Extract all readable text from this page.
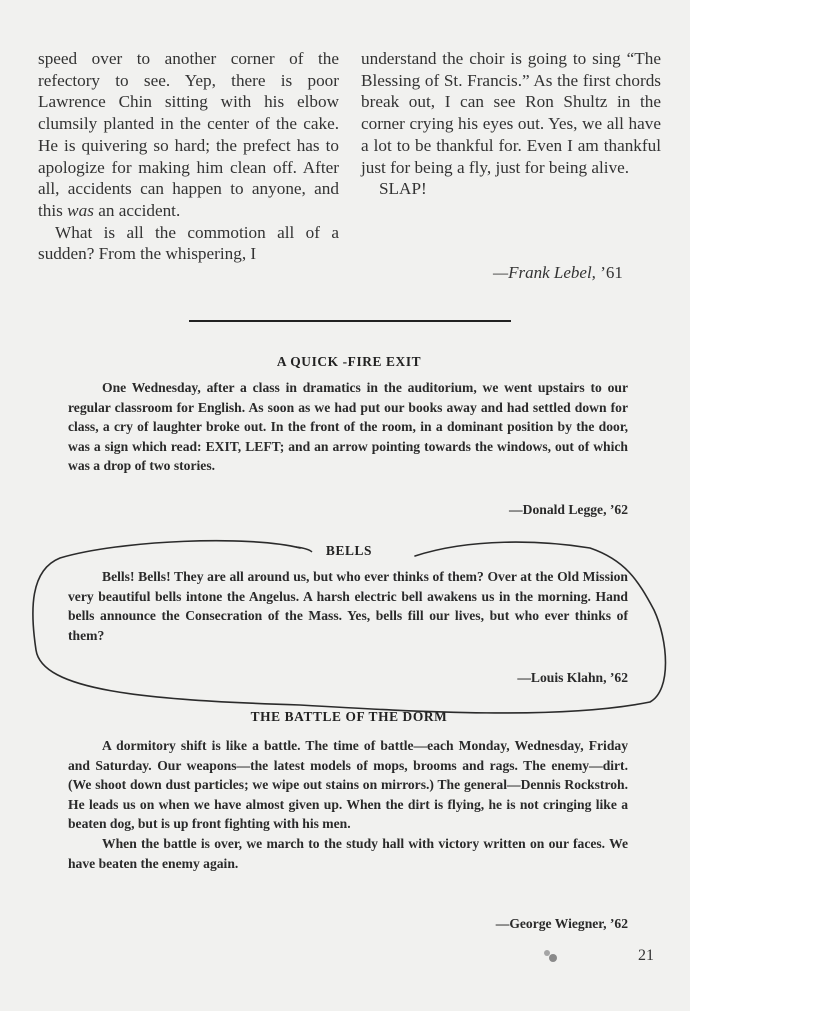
speed over to another corner of the refectory to see. Yep, there is poor Lawrence Chin sitting with his elbow clumsily planted in the center of the cake. He is quivering so hard; the prefect has to apologize for making him clean off. After all, accidents can happen to anyone, and this was an accident.

What is all the commotion all of a sudden? From the whispering, I

understand the choir is going to sing “The Blessing of St. Francis.” As the first chords break out, I can see Ron Shultz in the corner crying his eyes out. Yes, we all have a lot to be thankful for. Even I am thankful just for being a fly, just for being alive.

SLAP!

—Frank Lebel, ’61
A QUICK -FIRE EXIT

One Wednesday, after a class in dramatics in the auditorium, we went upstairs to our regular classroom for English. As soon as we had put our books away and had settled down for class, a cry of laughter broke out. In the front of the room, in a dominant position by the door, was a sign which read: EXIT, LEFT; and an arrow pointing towards the windows, out of which was a drop of two stories.

—Donald Legge, ’62
BELLS

Bells! Bells! They are all around us, but who ever thinks of them? Over at the Old Mission very beautiful bells intone the Angelus. A harsh electric bell awakens us in the morning. Hand bells announce the Consecration of the Mass. Yes, bells fill our lives, but who ever thinks of them?

—Louis Klahn, ’62
THE BATTLE OF THE DORM

A dormitory shift is like a battle. The time of battle—each Monday, Wednesday, Friday and Saturday. Our weapons—the latest models of mops, brooms and rags. The enemy—dirt. (We shoot down dust particles; we wipe out stains on mirrors.) The general—Dennis Rockstroh. He leads us on when we have almost given up. When the dirt is flying, he is not cringing like a beaten dog, but is up front fighting with his men.

When the battle is over, we march to the study hall with victory written on our faces. We have beaten the enemy again.

—George Wiegner, ’62
21
